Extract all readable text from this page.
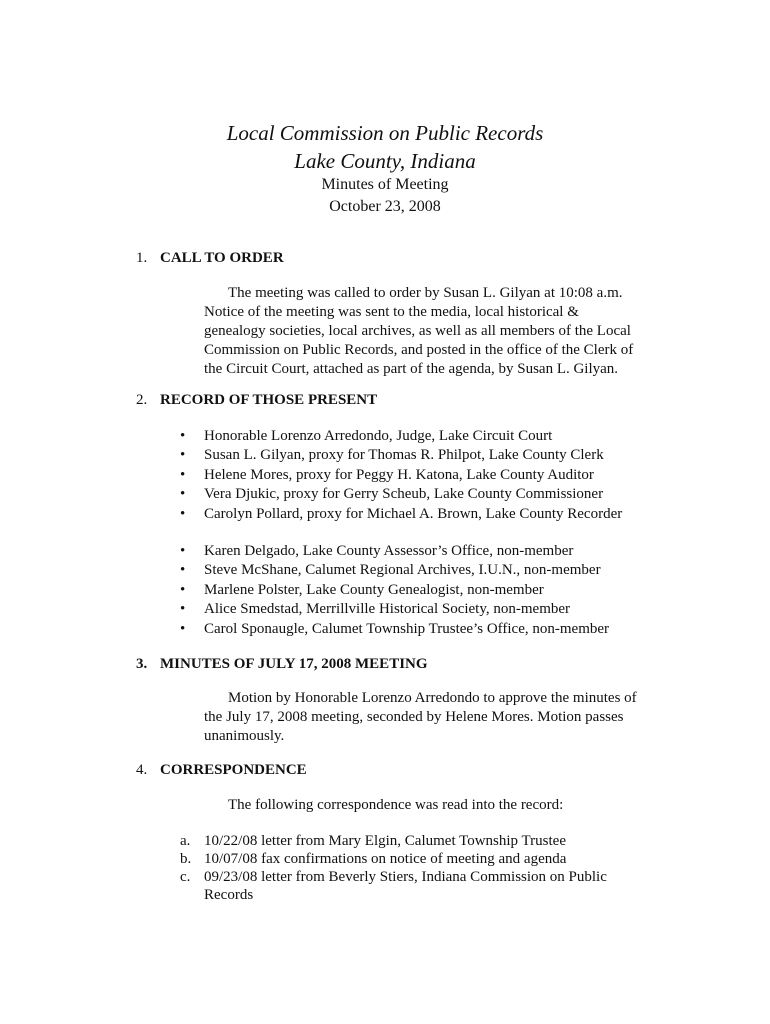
Local Commission on Public Records
Lake County, Indiana
Minutes of Meeting
October 23, 2008
1. CALL TO ORDER
The meeting was called to order by Susan L. Gilyan at 10:08 a.m. Notice of the meeting was sent to the media, local historical & genealogy societies, local archives, as well as all members of the Local Commission on Public Records, and posted in the office of the Clerk of the Circuit Court, attached as part of the agenda, by Susan L. Gilyan.
2. RECORD OF THOSE PRESENT
• Honorable Lorenzo Arredondo, Judge, Lake Circuit Court
• Susan L. Gilyan, proxy for Thomas R. Philpot, Lake County Clerk
• Helene Mores, proxy for Peggy H. Katona, Lake County Auditor
• Vera Djukic, proxy for Gerry Scheub, Lake County Commissioner
• Carolyn Pollard, proxy for Michael A. Brown, Lake County Recorder
• Karen Delgado, Lake County Assessor’s Office, non-member
• Steve McShane, Calumet Regional Archives, I.U.N., non-member
• Marlene Polster, Lake County Genealogist, non-member
• Alice Smedstad, Merrillville Historical Society, non-member
• Carol Sponaugle, Calumet Township Trustee’s Office, non-member
3. MINUTES OF JULY 17, 2008 MEETING
Motion by Honorable Lorenzo Arredondo to approve the minutes of the July 17, 2008 meeting, seconded by Helene Mores. Motion passes unanimously.
4. CORRESPONDENCE
The following correspondence was read into the record:
a. 10/22/08 letter from Mary Elgin, Calumet Township Trustee
b. 10/07/08 fax confirmations on notice of meeting and agenda
c. 09/23/08 letter from Beverly Stiers, Indiana Commission on Public Records
